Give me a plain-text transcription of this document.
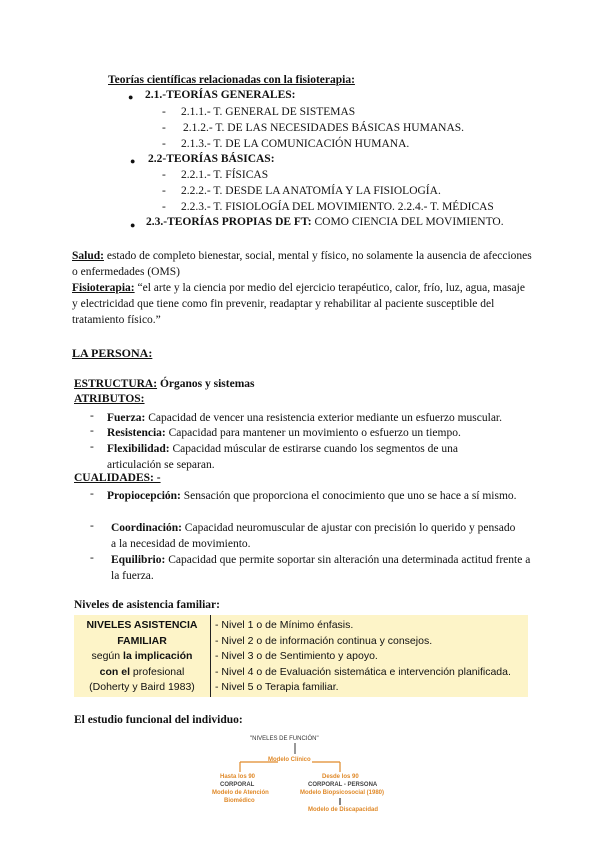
Teorías científicas relacionadas con la fisioterapia:
● 2.1.-TEORÍAS GENERALES:
- 2.1.1.- T. GENERAL DE SISTEMAS
- 2.1.2.- T. DE LAS NECESIDADES BÁSICAS HUMANAS.
- 2.1.3.- T. DE LA COMUNICACIÓN HUMANA.
● 2.2-TEORÍAS BÁSICAS:
- 2.2.1.- T. FÍSICAS
- 2.2.2.- T. DESDE LA ANATOMÍA Y LA FISIOLOGÍA.
- 2.2.3.- T. FISIOLOGÍA DEL MOVIMIENTO. 2.2.4.- T. MÉDICAS
● 2.3.-TEORÍAS PROPIAS DE FT: COMO CIENCIA DEL MOVIMIENTO.
Salud: estado de completo bienestar, social, mental y físico, no solamente la ausencia de afecciones o enfermedades (OMS)
Fisioterapia: “el arte y la ciencia por medio del ejercicio terapéutico, calor, frío, luz, agua, masaje y electricidad que tiene como fin prevenir, readaptar y rehabilitar al paciente susceptible del tratamiento físico.”
LA PERSONA:
ESTRUCTURA: Órganos y sistemas
ATRIBUTOS:
- Fuerza: Capacidad de vencer una resistencia exterior mediante un esfuerzo muscular.
- Resistencia: Capacidad para mantener un movimiento o esfuerzo un tiempo.
- Flexibilidad: Capacidad múscular de estirarse cuando los segmentos de una articulación se separan.
CUALIDADES: -
- Propiocepción: Sensación que proporciona el conocimiento que uno se hace a sí mismo.
-	Coordinación: Capacidad neuromuscular de ajustar con precisión lo querido y pensado a la necesidad de movimiento.
-	Equilibrio: Capacidad que permite soportar sin alteración una determinada actitud frente a la fuerza.
Niveles de asistencia familiar:
NIVELES ASISTENCIA
FAMILIAR
según la implicación
con el profesional
(Doherty y Baird 1983)

- Nivel 1 o de Mínimo énfasis.
- Nivel 2 o de información continua y consejos.
- Nivel 3 o de Sentimiento y apoyo.
- Nivel 4 o de Evaluación sistemática e intervención planificada.
- Nivel 5 o Terapia familiar.
El estudio funcional del individuo:
"NIVELES DE FUNCIÓN"
Modelo Clínico
Hasta los 90
CORPORAL
Modelo de Atención
Biomédico
Desde los 90
CORPORAL - PERSONA
Modelo Biopsicosocial (1980)
Modelo de Discapacidad
